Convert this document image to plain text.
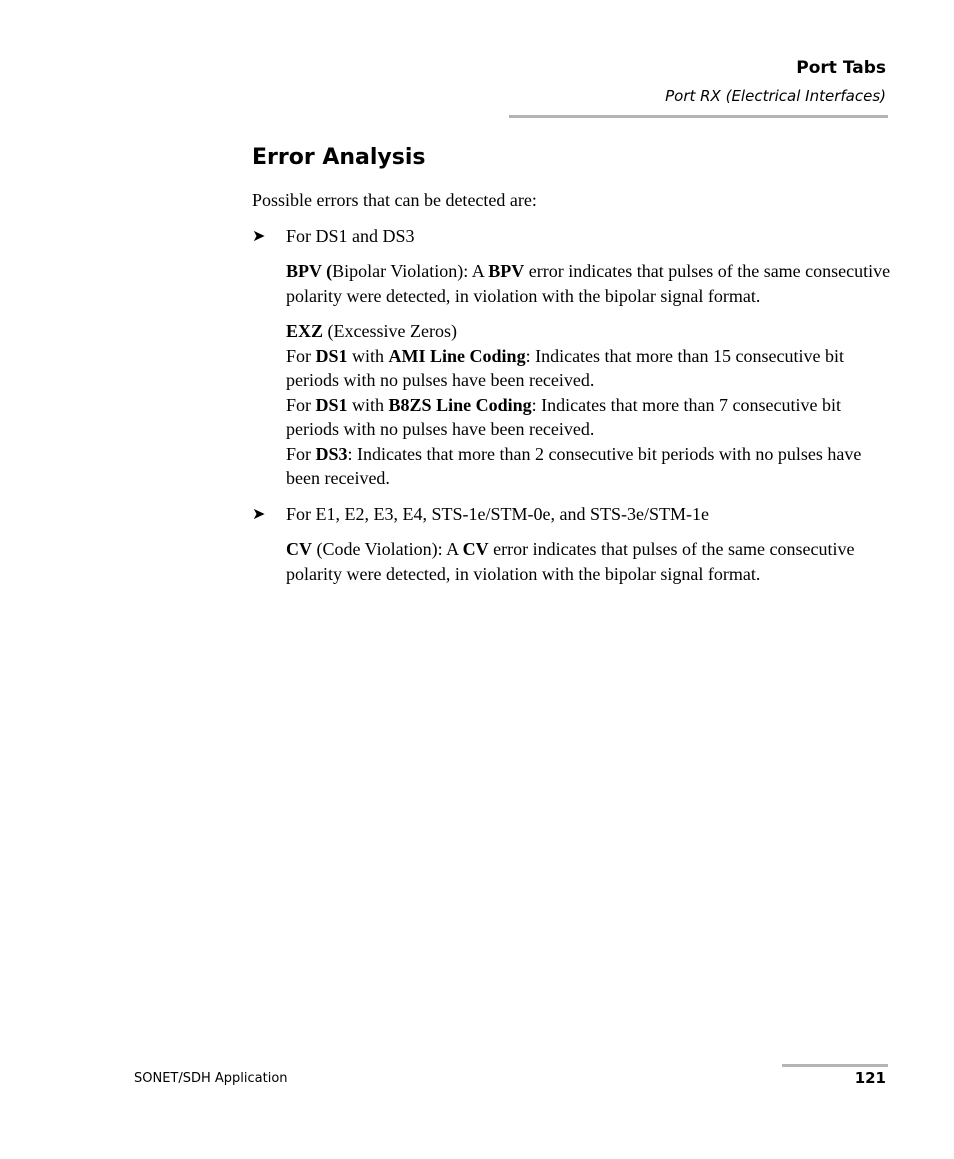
Port Tabs
Port RX (Electrical Interfaces)
Error Analysis

Possible errors that can be detected are:

➤ For DS1 and DS3

BPV (Bipolar Violation): A BPV error indicates that pulses of the same consecutive polarity were detected, in violation with the bipolar signal format.

EXZ (Excessive Zeros)
For DS1 with AMI Line Coding: Indicates that more than 15 consecutive bit periods with no pulses have been received.
For DS1 with B8ZS Line Coding: Indicates that more than 7 consecutive bit periods with no pulses have been received.
For DS3: Indicates that more than 2 consecutive bit periods with no pulses have been received.

➤ For E1, E2, E3, E4, STS-1e/STM-0e, and STS-3e/STM-1e

CV (Code Violation): A CV error indicates that pulses of the same consecutive polarity were detected, in violation with the bipolar signal format.

SONET/SDH Application	121
